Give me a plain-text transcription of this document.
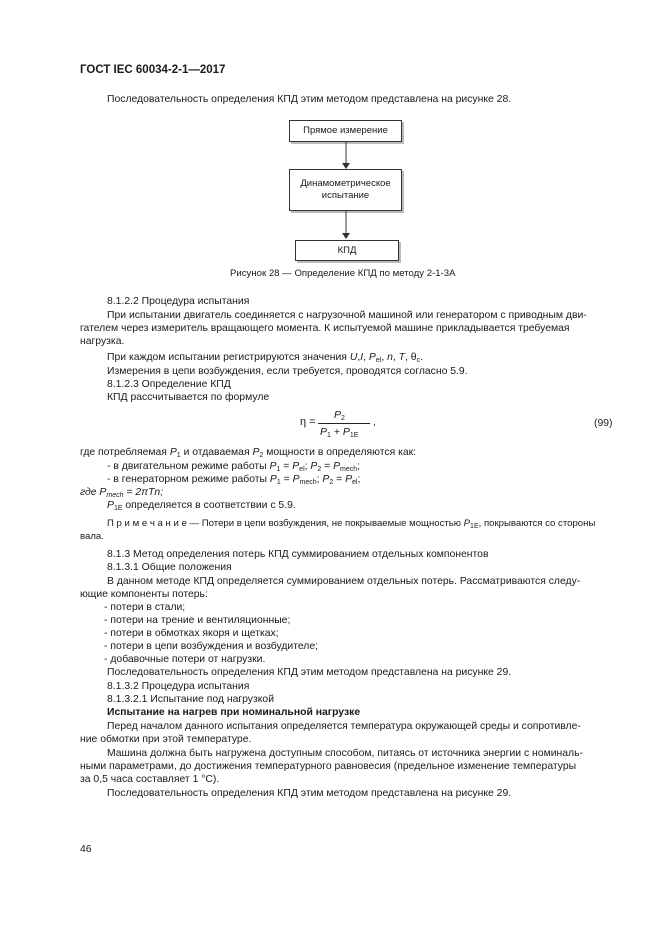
ГОСТ IEC 60034-2-1—2017
Последовательность определения КПД этим методом представлена на рисунке 28.
Прямое измерение
Динамометрическое
испытание
КПД
Рисунок 28 — Определение КПД по методу 2-1-3А
8.1.2.2 Процедура испытания
При испытании двигатель соединяется с нагрузочной машиной или генератором с приводным дви-
гателем через измеритель вращающего момента. К испытуемой машине прикладывается требуемая
нагрузка.
При каждом испытании регистрируются значения U,I, $P_{el}$, n, T, $\theta_c$.
Измерения в цепи возбуждения, если требуется, проводятся согласно 5.9.
8.1.2.3 Определение КПД
КПД рассчитывается по формуле
η =
$P_2$
$P_1 + P_{1E}$
,	(99)
где потребляемая $P_1$ и отдаваемая $P_2$ мощности в определяются как:
- в двигательном режиме работы $P_1 = P_{el}$; $P_2 = P_{mech}$;
- в генераторном режиме работы $P_1 = P_{mech}$; $P_2 = P_{el}$;
где $P_{mech} = 2\pi Tn$;
$P_{1E}$ определяется в соответствии с 5.9.
П р и м е ч а н и е — Потери в цепи возбуждения, не покрываемые мощностью $P_{1E}$, покрываются со стороны
вала.
8.1.3 Метод определения потерь КПД суммированием отдельных компонентов
8.1.3.1 Общие положения
В данном методе КПД определяется суммированием отдельных потерь. Рассматриваются следу-
ющие компоненты потерь:
- потери в стали;
- потери на трение и вентиляционные;
- потери в обмотках якоря и щетках;
- потери в цепи возбуждения и возбудителе;
- добавочные потери от нагрузки.
Последовательность определения КПД этим методом представлена на рисунке 29.
8.1.3.2 Процедура испытания
8.1.3.2.1 Испытание под нагрузкой
Испытание на нагрев при номинальной нагрузке
Перед началом данного испытания определяется температура окружающей среды и сопротивле-
ние обмотки при этой температуре.
Машина должна быть нагружена доступным способом, питаясь от источника энергии с номиналь-
ными параметрами, до достижения температурного равновесия (предельное изменение температуры
за 0,5 часа составляет 1 °С).
Последовательность определения КПД этим методом представлена на рисунке 29.
46
